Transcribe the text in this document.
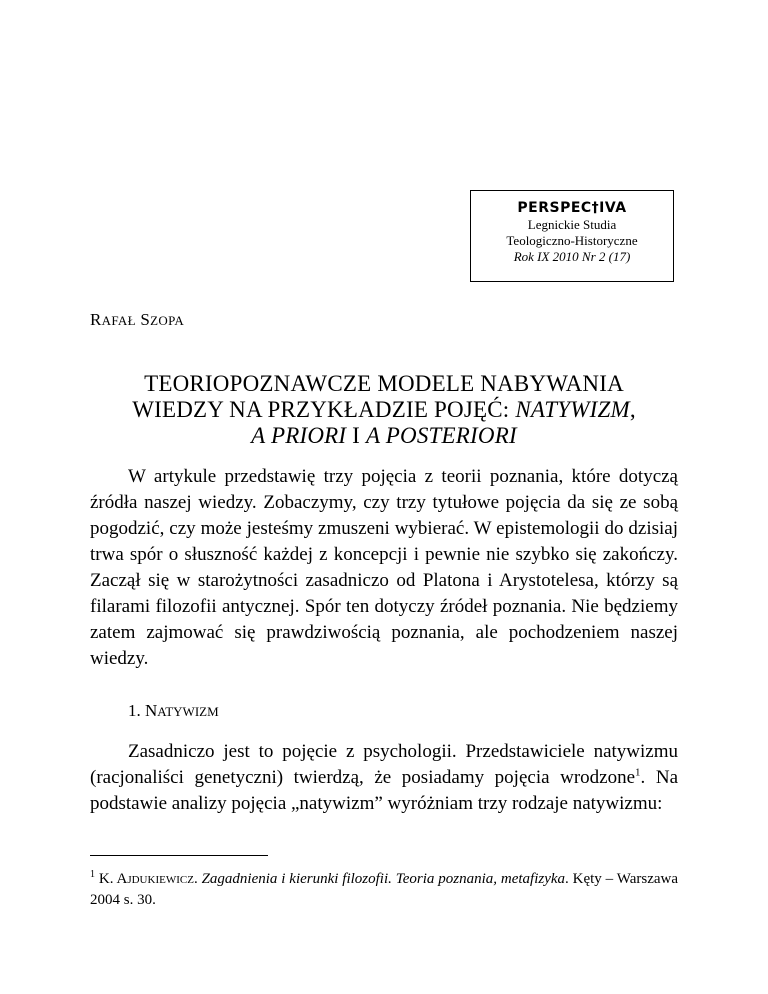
PERSPEC†IVA
Legnickie Studia
Teologiczno-Historyczne
Rok IX 2010 Nr 2 (17)
RAFAŁ SZOPA
TEORIOPOZNAWCZE MODELE NABYWANIA
WIEDZY NA PRZYKŁADZIE POJĘĆ: NATYWIZM,
A PRIORI I A POSTERIORI

W artykule przedstawię trzy pojęcia z teorii poznania, które dotyczą źródła naszej wiedzy. Zobaczymy, czy trzy tytułowe pojęcia da się ze sobą pogodzić, czy może jesteśmy zmuszeni wybierać. W epistemologii do dzisiaj trwa spór o słuszność każdej z koncepcji i pewnie nie szybko się zakończy. Zaczął się w starożytności zasadniczo od Platona i Arystotelesa, którzy są filarami filozofii antycznej. Spór ten dotyczy źródeł poznania. Nie będziemy zatem zajmować się prawdziwością poznania, ale pochodzeniem naszej wiedzy.

1. NATYWIZM

Zasadniczo jest to pojęcie z psychologii. Przedstawiciele natywizmu (racjonaliści genetyczni) twierdzą, że posiadamy pojęcia wrodzone$^1$. Na podstawie analizy pojęcia „natywizm” wyróżniam trzy rodzaje natywizmu:

$^1$ K. AJDUKIEWICZ. Zagadnienia i kierunki filozofii. Teoria poznania, metafizyka. Kęty – Warszawa 2004 s. 30.
